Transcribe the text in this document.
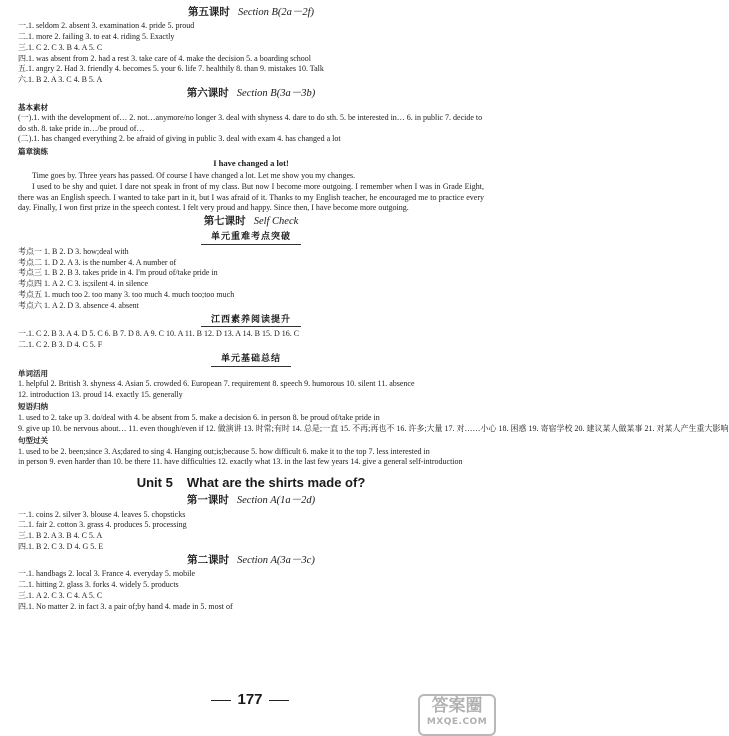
第五课时 Section B(2a－2f)
一.1. seldom 2. absent 3. examination 4. pride 5. proud
二.1. more 2. failing 3. to eat 4. riding 5. Exactly
三.1. C 2. C 3. B 4. A 5. C
四.1. was absent from 2. had a rest 3. take care of 4. make the decision 5. a boarding school
五.1. angry 2. Had 3. friendly 4. becomes 5. your 6. life 7. healthily 8. than 9. mistakes 10. Talk
六.1. B 2. A 3. C 4. B 5. A
第六课时 Section B(3a－3b)
基本素材
(一).1. with the development of… 2. not…anymore/no longer 3. deal with shyness 4. dare to do sth. 5. be interested in… 6. in public 7. decide to do sth. 8. take pride in…/be proud of…
(二).1. has changed everything 2. be afraid of giving in public 3. deal with exam 4. has changed a lot
篇章演练
I have changed a lot!
Time goes by. Three years has passed. Of course I have changed a lot. Let me show you my changes.
I used to be shy and quiet. I dare not speak in front of my class. But now I become more outgoing. I remember when I was in Grade Eight, there was an English speech. I wanted to take part in it, but I was afraid of it. Thanks to my English teacher, he encouraged me to practice every day. Finally, I won first prize in the speech contest. I felt very proud and happy. Since then, I have become more outgoing.
第七课时 Self Check
单元重难考点突破
考点一 1. B 2. D 3. how;deal with
考点二 1. D 2. A 3. is the number 4. A number of
考点三 1. B 2. B 3. takes pride in 4. I'm proud of/take pride in
考点四 1. A 2. C 3. is;silent 4. in silence
考点五 1. much too 2. too many 3. too much 4. much too;too much
考点六 1. A 2. D 3. absence 4. absent
江西素养阅读提升
一.1. C 2. B 3. A 4. D 5. C 6. B 7. D 8. A 9. C 10. A 11. B 12. D 13. A 14. B 15. D 16. C
二.1. C 2. B 3. D 4. C 5. F
单元基础总结
单词活用
1. helpful 2. British 3. shyness 4. Asian 5. crowded 6. European 7. requirement 8. speech 9. humorous 10. silent 11. absence
12. introduction 13. proud 14. exactly 15. generally
短语归纳
1. used to 2. take up 3. do/deal with 4. be absent from 5. make a decision 6. in person 8. be proud of/take pride in
9. give up 10. be nervous about… 11. even though/even if 12. 做演讲 13. 时常;有时 14. 总是;一直 15. 不再;再也不 16. 许多;大量 17. 对……小心 18. 困惑 19. 寄宿学校 20. 建议某人做某事 21. 对某人产生重大影响
句型过关
1. used to be 2. been;since 3. As;dared to sing 4. Hanging out;is;because 5. how difficult 6. make it to the top 7. less interested in
in person 9. even harder than 10. be there 11. have difficulties 12. exactly what 13. in the last few years 14. give a general self-introduction
Unit 5 What are the shirts made of?
第一课时 Section A(1a－2d)
一.1. coins 2. silver 3. blouse 4. leaves 5. chopsticks
二.1. fair 2. cotton 3. grass 4. produces 5. processing
三.1. B 2. A 3. B 4. C 5. A
四.1. B 2. C 3. D 4. G 5. E
第二课时 Section A(3a－3c)
一.1. handbags 2. local 3. France 4. everyday 5. mobile
二.1. hitting 2. glass 3. forks 4. widely 5. products
三.1. A 2. C 3. C 4. A 5. C
四.1. No matter 2. in fact 3. a pair of;by hand 4. made in 5. most of
177	答案圈
MXQE.COM
